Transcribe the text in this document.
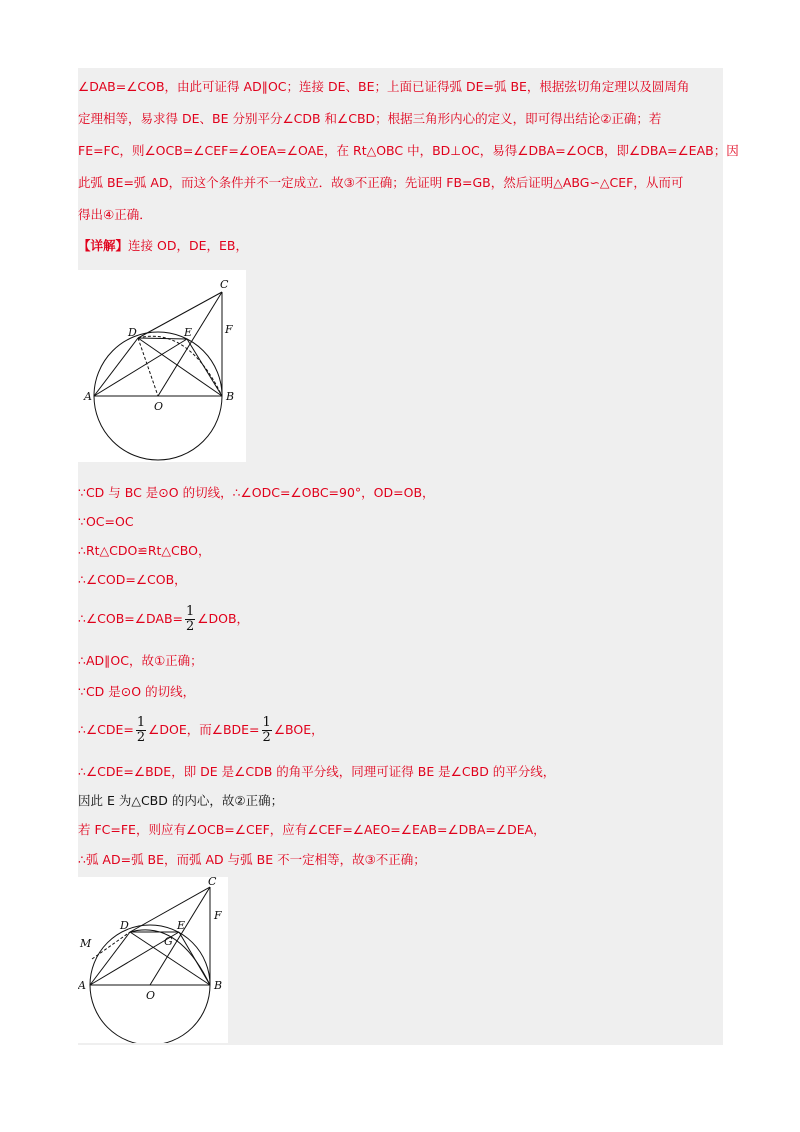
∠DAB=∠COB，由此可证得 AD∥OC；连接 DE、BE；上面已证得弧 DE=弧 BE，根据弦切角定理以及圆周角
定理相等，易求得 DE、BE 分别平分∠CDB 和∠CBD；根据三角形内心的定义，即可得出结论②正确；若
FE=FC，则∠OCB=∠CEF=∠OEA=∠OAE，在 Rt△OBC 中，BD⊥OC，易得∠DBA=∠OCB，即∠DBA=∠EAB；因
此弧 BE=弧 AD，而这个条件并不一定成立．故③不正确；先证明 FB=GB，然后证明△ABG∽△CEF，从而可
得出④正确．
【详解】连接 OD，DE，EB，
C
D	E	F
A
O
B
∵CD 与 BC 是⊙O 的切线，∴∠ODC=∠OBC=90°，OD=OB，
∵OC=OC
∴Rt△CDO≌Rt△CBO，
∴∠COD=∠COB，
∴∠COB=∠DAB= $\frac{1}{2}$ ∠DOB，
∴AD∥OC，故①正确；
∵CD 是⊙O 的切线，
∴∠CDE= $\frac{1}{2}$ ∠DOE，而∠BDE= $\frac{1}{2}$ ∠BOE，
∴∠CDE=∠BDE，即 DE 是∠CDB 的角平分线，同理可证得 BE 是∠CBD 的平分线，
因此 E 为△CBD 的内心，故②正确；
若 FC=FE，则应有∠OCB=∠CEF，应有∠CEF=∠AEO=∠EAB=∠DBA=∠DEA，
∴弧 AD=弧 BE，而弧 AD 与弧 BE 不一定相等，故③不正确；
C
F
D	E
M	G
A
O
B
